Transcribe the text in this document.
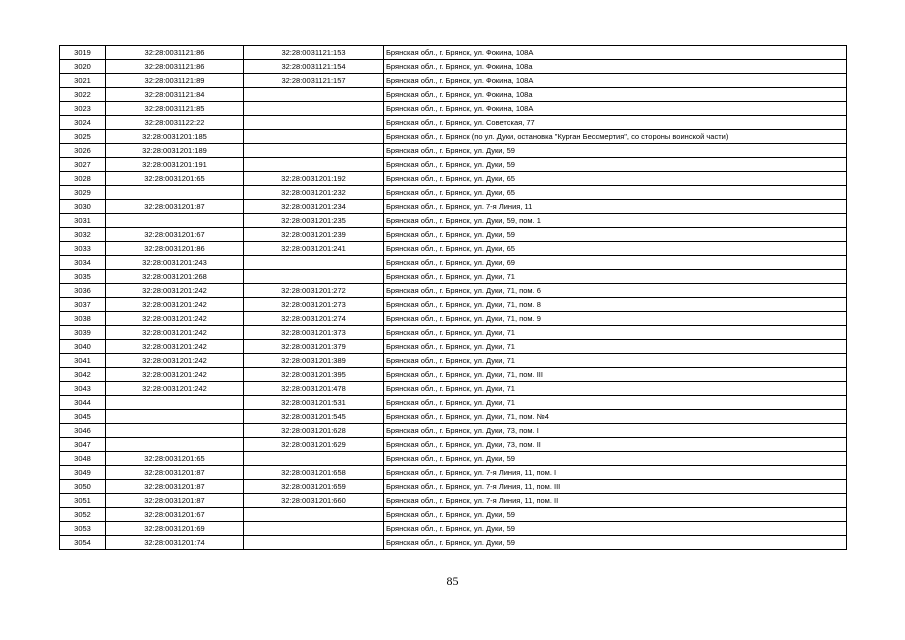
3019	32:28:0031121:86	32:28:0031121:153	Брянская обл., г. Брянск, ул. Фокина, 108А
3020	32:28:0031121:86	32:28:0031121:154	Брянская обл., г. Брянск, ул. Фокина, 108а
3021	32:28:0031121:89	32:28:0031121:157	Брянская обл., г. Брянск, ул. Фокина, 108А
3022	32:28:0031121:84		Брянская обл., г. Брянск, ул. Фокина, 108а
3023	32:28:0031121:85		Брянская обл., г. Брянск, ул. Фокина, 108А
3024	32:28:0031122:22		Брянская обл., г. Брянск, ул. Советская, 77
3025	32:28:0031201:185		Брянская обл., г. Брянск (по ул. Дуки, остановка "Курган Бессмертия", со стороны воинской части)
3026	32:28:0031201:189		Брянская обл., г. Брянск, ул. Дуки, 59
3027	32:28:0031201:191		Брянская обл., г. Брянск, ул. Дуки, 59
3028	32:28:0031201:65	32:28:0031201:192	Брянская обл., г. Брянск, ул. Дуки, 65
3029		32:28:0031201:232	Брянская обл., г. Брянск, ул. Дуки, 65
3030	32:28:0031201:87	32:28:0031201:234	Брянская обл., г. Брянск, ул. 7-я Линия, 11
3031		32:28:0031201:235	Брянская обл., г. Брянск, ул. Дуки, 59, пом. 1
3032	32:28:0031201:67	32:28:0031201:239	Брянская обл., г. Брянск, ул. Дуки, 59
3033	32:28:0031201:86	32:28:0031201:241	Брянская обл., г. Брянск, ул. Дуки, 65
3034	32:28:0031201:243		Брянская обл., г. Брянск, ул. Дуки, 69
3035	32:28:0031201:268		Брянская обл., г. Брянск, ул. Дуки, 71
3036	32:28:0031201:242	32:28:0031201:272	Брянская обл., г. Брянск, ул. Дуки, 71, пом. 6
3037	32:28:0031201:242	32:28:0031201:273	Брянская обл., г. Брянск, ул. Дуки, 71, пом. 8
3038	32:28:0031201:242	32:28:0031201:274	Брянская обл., г. Брянск, ул. Дуки, 71, пом. 9
3039	32:28:0031201:242	32:28:0031201:373	Брянская обл., г. Брянск, ул. Дуки, 71
3040	32:28:0031201:242	32:28:0031201:379	Брянская обл., г. Брянск, ул. Дуки, 71
3041	32:28:0031201:242	32:28:0031201:389	Брянская обл., г. Брянск, ул. Дуки, 71
3042	32:28:0031201:242	32:28:0031201:395	Брянская обл., г. Брянск, ул. Дуки, 71, пом. III
3043	32:28:0031201:242	32:28:0031201:478	Брянская обл., г. Брянск, ул. Дуки, 71
3044		32:28:0031201:531	Брянская обл., г. Брянск, ул. Дуки, 71
3045		32:28:0031201:545	Брянская обл., г. Брянск, ул. Дуки, 71, пом. №4
3046		32:28:0031201:628	Брянская обл., г. Брянск, ул. Дуки, 73, пом. I
3047		32:28:0031201:629	Брянская обл., г. Брянск, ул. Дуки, 73, пом. II
3048	32:28:0031201:65		Брянская обл., г. Брянск, ул. Дуки, 59
3049	32:28:0031201:87	32:28:0031201:658	Брянская обл., г. Брянск, ул. 7-я Линия, 11, пом. I
3050	32:28:0031201:87	32:28:0031201:659	Брянская обл., г. Брянск, ул. 7-я Линия, 11, пом. III
3051	32:28:0031201:87	32:28:0031201:660	Брянская обл., г. Брянск, ул. 7-я Линия, 11, пом. II
3052	32:28:0031201:67		Брянская обл., г. Брянск, ул. Дуки, 59
3053	32:28:0031201:69		Брянская обл., г. Брянск, ул. Дуки, 59
3054	32:28:0031201:74		Брянская обл., г. Брянск, ул. Дуки, 59
85
